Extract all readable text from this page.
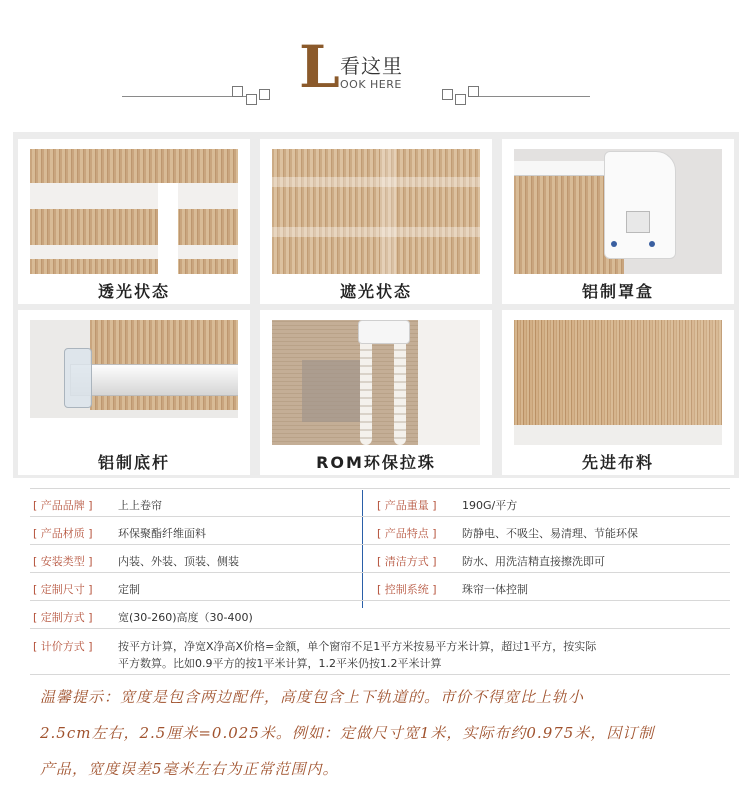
L 看这里
OOK HERE
透光状态	遮光状态	铝制罩盒
铝制底杆	ROM环保拉珠	先进布料
[ 产品品牌 ] 上上卷帘	[ 产品重量 ] 190G/平方
[ 产品材质 ] 环保聚酯纤维面料	[ 产品特点 ] 防静电、不吸尘、易清理、节能环保
[ 安装类型 ] 内装、外装、顶装、侧装	[ 清洁方式 ] 防水、用洗洁精直接擦洗即可
[ 定制尺寸 ] 定制	[ 控制系统 ] 珠帘一体控制
[ 定制方式 ] 宽(30-260)高度（30-400)
[ 计价方式 ] 按平方计算，净宽X净高X价格=金额，单个窗帘不足1平方米按易平方米计算，超过1平方，按实际
平方数算。比如0.9平方的按1平米计算，1.2平米仍按1.2平米计算
温馨提示：宽度是包含两边配件，高度包含上下轨道的。市价不得宽比上轨小
2.5cm左右，2.5厘米=0.025米。例如：定做尺寸宽1米，实际布约0.975米，因订制
产品，宽度误差5毫米左右为正常范围内。
